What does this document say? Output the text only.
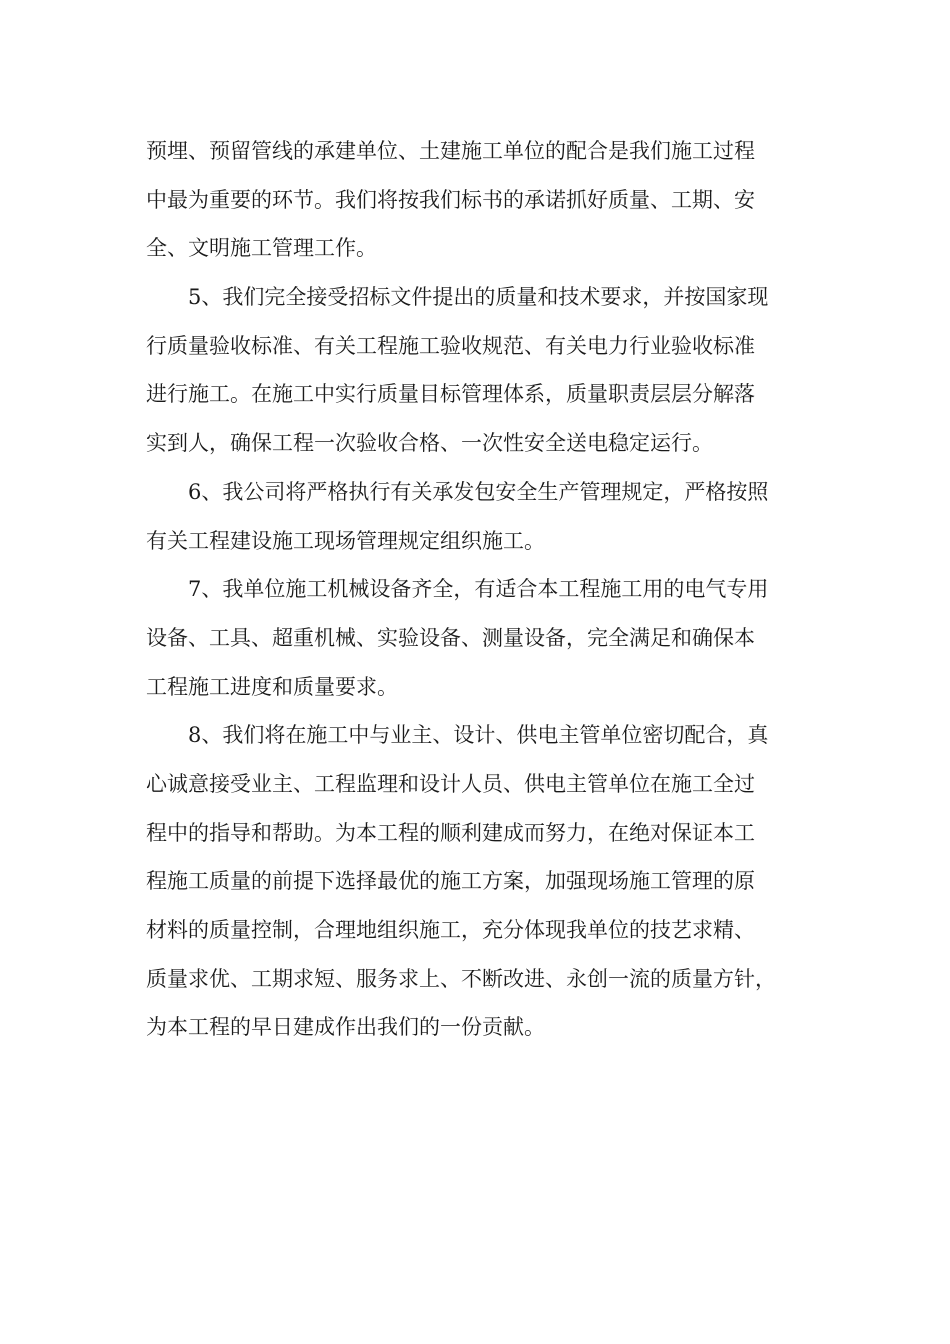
预埋、预留管线的承建单位、土建施工单位的配合是我们施工过程
中最为重要的环节。我们将按我们标书的承诺抓好质量、工期、安
全、文明施工管理工作。
5、我们完全接受招标文件提出的质量和技术要求，并按国家现
行质量验收标准、有关工程施工验收规范、有关电力行业验收标准
进行施工。在施工中实行质量目标管理体系，质量职责层层分解落
实到人，确保工程一次验收合格、一次性安全送电稳定运行。
6、我公司将严格执行有关承发包安全生产管理规定，严格按照
有关工程建设施工现场管理规定组织施工。
7、我单位施工机械设备齐全，有适合本工程施工用的电气专用
设备、工具、超重机械、实验设备、测量设备，完全满足和确保本
工程施工进度和质量要求。
8、我们将在施工中与业主、设计、供电主管单位密切配合，真
心诚意接受业主、工程监理和设计人员、供电主管单位在施工全过
程中的指导和帮助。为本工程的顺利建成而努力，在绝对保证本工
程施工质量的前提下选择最优的施工方案，加强现场施工管理的原
材料的质量控制，合理地组织施工，充分体现我单位的技艺求精、
质量求优、工期求短、服务求上、不断改进、永创一流的质量方针，
为本工程的早日建成作出我们的一份贡献。
